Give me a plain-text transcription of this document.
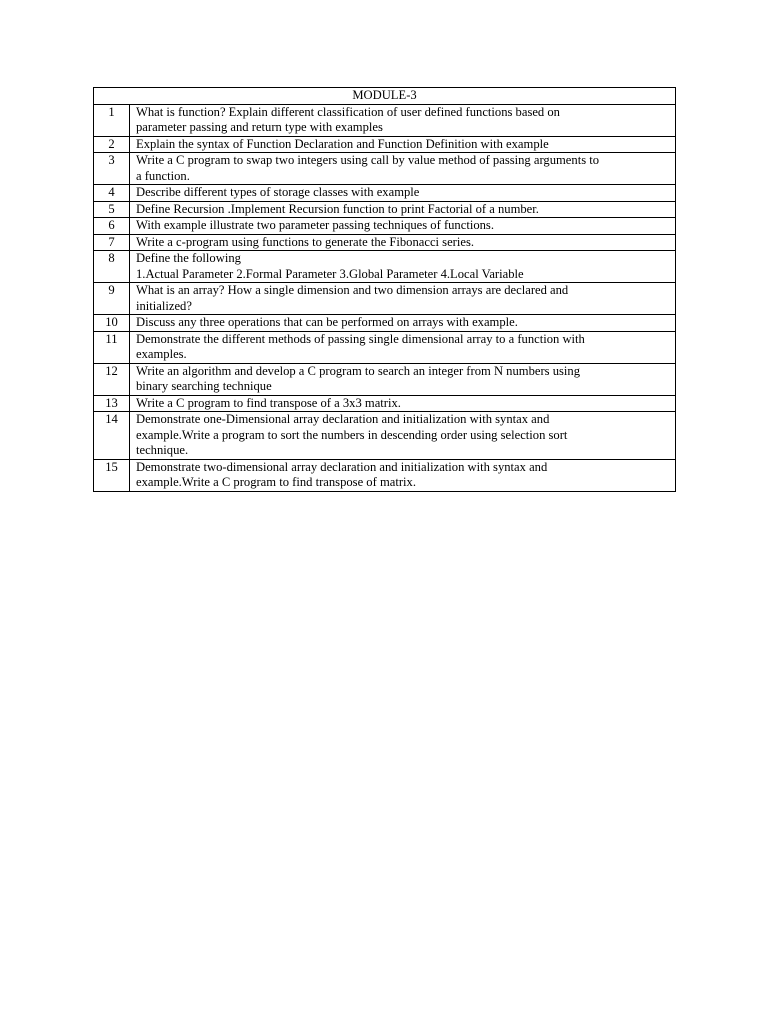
MODULE-3	
1	What is function? Explain different classification of user defined functions based on
parameter passing and return type with examples
2	Explain the syntax of Function Declaration and Function Definition with example
3	Write a C program to swap two integers using call by value method of passing arguments to
a function.
4	Describe different types of storage classes with example
5	Define Recursion .Implement Recursion function to print Factorial of a number.
6	With example illustrate two parameter passing techniques of functions.
7	Write a c-program using functions to generate the Fibonacci series.
8	Define the following
1.Actual Parameter 2.Formal Parameter 3.Global Parameter 4.Local Variable
9	What is an array? How a single dimension and two dimension arrays are declared and
initialized?
10	Discuss any three operations that can be performed on arrays with example.
11	Demonstrate the different methods of passing single dimensional array to a function with
examples.
12	Write an algorithm and develop a C program to search an integer from N numbers using
binary searching technique
13	Write a C program to find transpose of a 3x3 matrix.
14	Demonstrate one-Dimensional array declaration and initialization with syntax and
example.Write a program to sort the numbers in descending order using selection sort
technique.
15	Demonstrate two-dimensional array declaration and initialization with syntax and
example.Write a C program to find transpose of matrix.
